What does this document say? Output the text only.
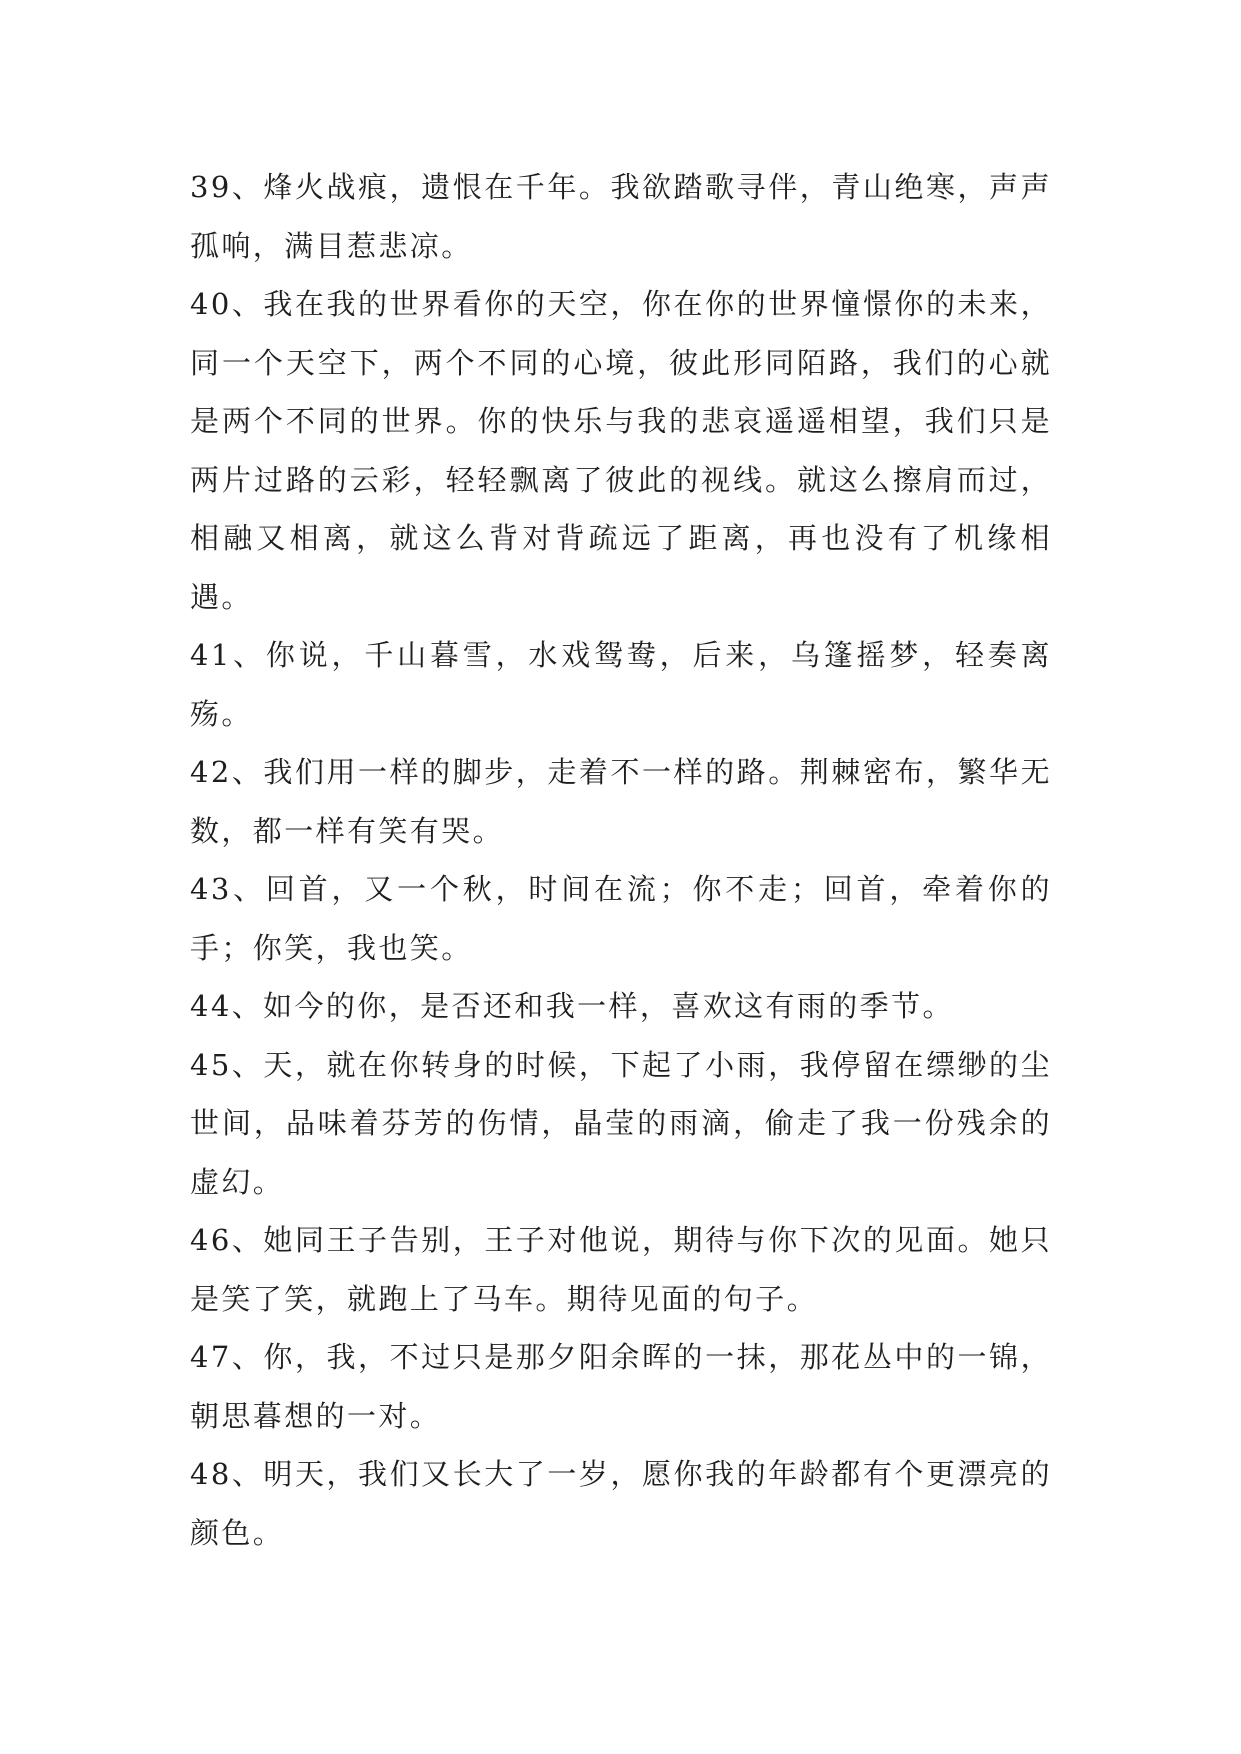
39、烽火战痕，遗恨在千年。我欲踏歌寻伴，青山绝寒，声声孤响，满目惹悲凉。

40、我在我的世界看你的天空，你在你的世界憧憬你的未来，同一个天空下，两个不同的心境，彼此形同陌路，我们的心就是两个不同的世界。你的快乐与我的悲哀遥遥相望，我们只是两片过路的云彩，轻轻飘离了彼此的视线。就这么擦肩而过，相融又相离，就这么背对背疏远了距离，再也没有了机缘相遇。

41、你说，千山暮雪，水戏鸳鸯，后来，乌篷摇梦，轻奏离殇。

42、我们用一样的脚步，走着不一样的路。荆棘密布，繁华无数，都一样有笑有哭。

43、回首，又一个秋，时间在流；你不走；回首，牵着你的手；你笑，我也笑。

44、如今的你，是否还和我一样，喜欢这有雨的季节。

45、天，就在你转身的时候，下起了小雨，我停留在缥缈的尘世间，品味着芬芳的伤情，晶莹的雨滴，偷走了我一份残余的虚幻。

46、她同王子告别，王子对他说，期待与你下次的见面。她只是笑了笑，就跑上了马车。期待见面的句子。

47、你，我，不过只是那夕阳余晖的一抹，那花丛中的一锦，朝思暮想的一对。

48、明天，我们又长大了一岁，愿你我的年龄都有个更漂亮的颜色。
